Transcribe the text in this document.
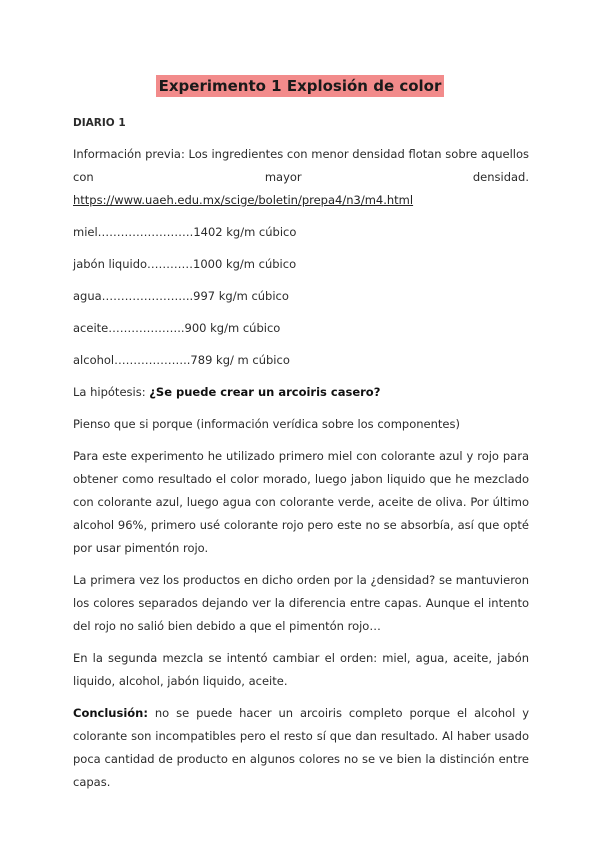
Experimento 1 Explosión de color
DIARIO 1

Información previa: Los ingredientes con menor densidad flotan sobre aquellos con mayor densidad. https://www.uaeh.edu.mx/scige/boletin/prepa4/n3/m4.html

miel…………………….1402 kg/m cúbico
jabón liquido…………1000 kg/m cúbico
agua…………………...997 kg/m cúbico
aceite………………..900 kg/m cúbico
alcohol………………..789 kg/ m cúbico

La hipótesis: ¿Se puede crear un arcoiris casero?

Pienso que si porque (información verídica sobre los componentes)

Para este experimento he utilizado primero miel con colorante azul y rojo para obtener como resultado el color morado, luego jabon liquido que he mezclado con colorante azul, luego agua con colorante verde, aceite de oliva. Por último alcohol 96%, primero usé colorante rojo pero este no se absorbía, así que opté por usar pimentón rojo.

La primera vez los productos en dicho orden por la ¿densidad? se mantuvieron los colores separados dejando ver la diferencia entre capas. Aunque el intento del rojo no salió bien debido a que el pimentón rojo…

En la segunda mezcla se intentó cambiar el orden: miel, agua, aceite, jabón liquido, alcohol, jabón liquido, aceite.

Conclusión: no se puede hacer un arcoiris completo porque el alcohol y colorante son incompatibles pero el resto sí que dan resultado. Al haber usado poca cantidad de producto en algunos colores no se ve bien la distinción entre capas.
